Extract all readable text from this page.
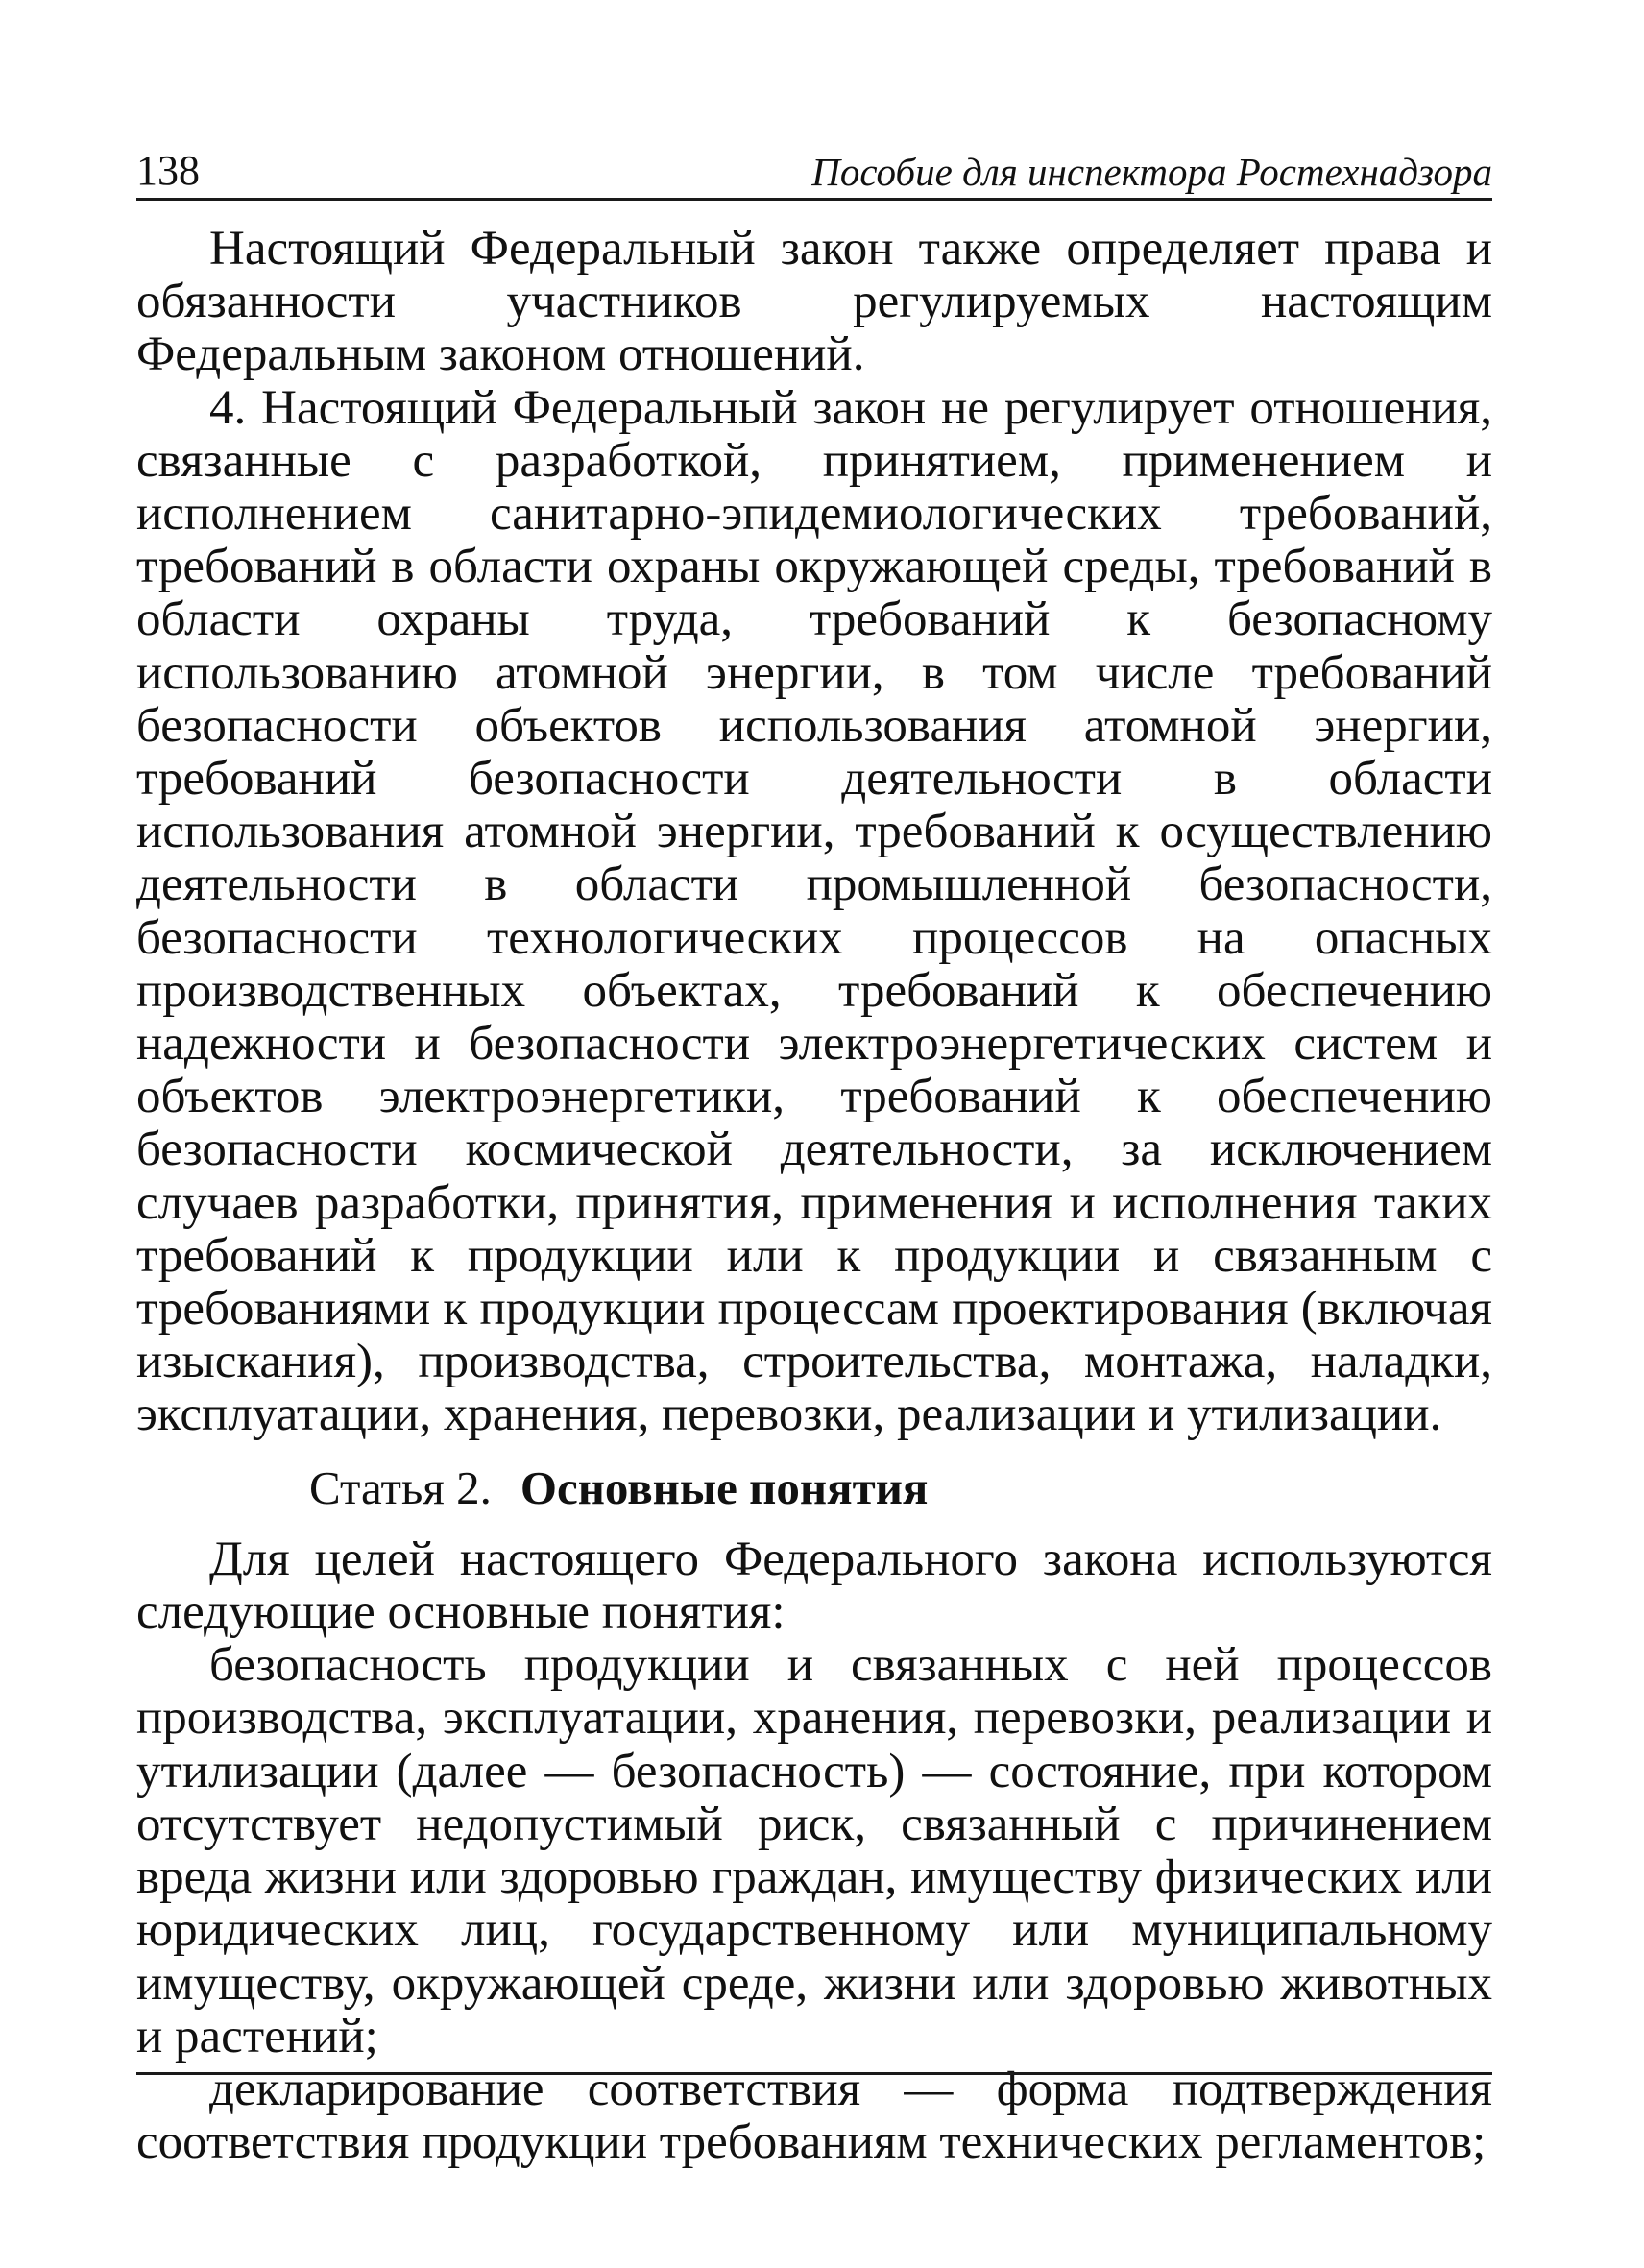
138	Пособие для инспектора Ростехнадзора

Настоящий Федеральный закон также определяет права и обязанности участников регулируемых настоящим Федеральным законом отношений.

4. Настоящий Федеральный закон не регулирует отношения, связанные с разработкой, принятием, применением и исполнением санитарно-эпидемиологических требований, требований в области охраны окружающей среды, требований в области охраны труда, требований к безопасному использованию атомной энергии, в том числе требований безопасности объектов использования атомной энергии, требований безопасности деятельности в области использования атомной энергии, требований к осуществлению деятельности в области промышленной безопасности, безопасности технологических процессов на опасных производственных объектах, требований к обеспечению надежности и безопасности электроэнергетических систем и объектов электроэнергетики, требований к обеспечению безопасности космической деятельности, за исключением случаев разработки, принятия, применения и исполнения таких требований к продукции или к продукции и связанным с требованиями к продукции процессам проектирования (включая изыскания), производства, строительства, монтажа, наладки, эксплуатации, хранения, перевозки, реализации и утилизации.

Статья 2. Основные понятия

Для целей настоящего Федерального закона используются следующие основные понятия:

безопасность продукции и связанных с ней процессов производства, эксплуатации, хранения, перевозки, реализации и утилизации (далее — безопасность) — состояние, при котором отсутствует недопустимый риск, связанный с причинением вреда жизни или здоровью граждан, имуществу физических или юридических лиц, государственному или муниципальному имуществу, окружающей среде, жизни или здоровью животных и растений;

декларирование соответствия — форма подтверждения соответствия продукции требованиям технических регламентов;
